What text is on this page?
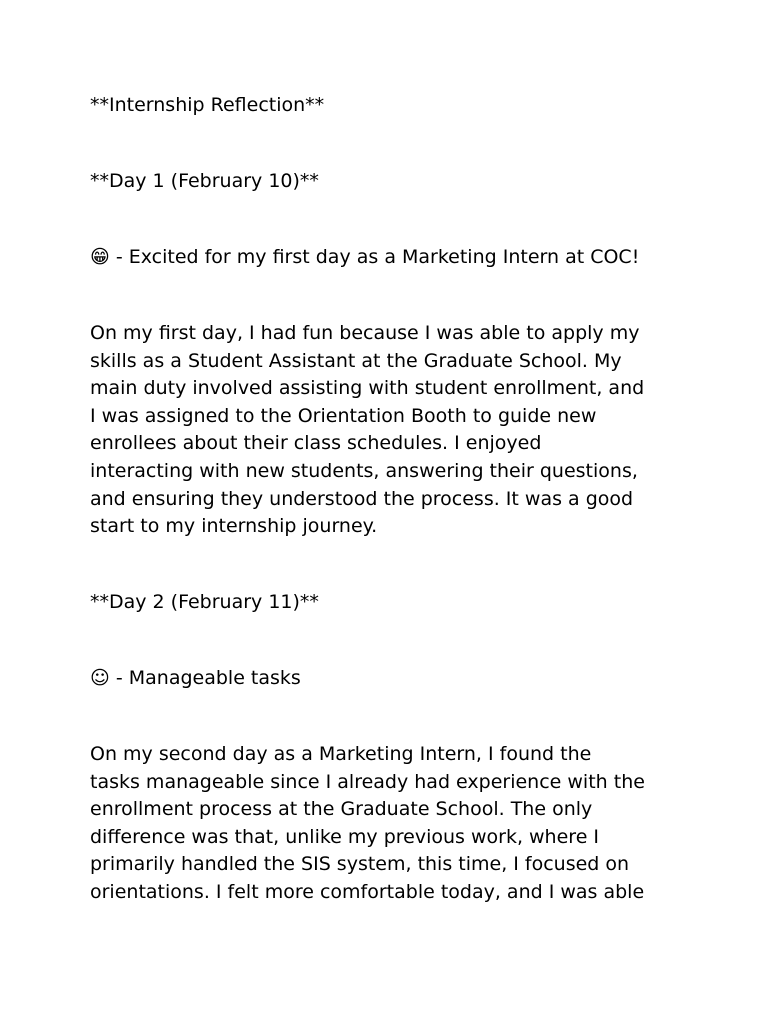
**Internship Reflection**

**Day 1 (February 10)**

😁 - Excited for my first day as a Marketing Intern at COC!

On my first day, I had fun because I was able to apply my
skills as a Student Assistant at the Graduate School. My
main duty involved assisting with student enrollment, and
I was assigned to the Orientation Booth to guide new
enrollees about their class schedules. I enjoyed
interacting with new students, answering their questions,
and ensuring they understood the process. It was a good
start to my internship journey.

**Day 2 (February 11)**

☺ - Manageable tasks

On my second day as a Marketing Intern, I found the
tasks manageable since I already had experience with the
enrollment process at the Graduate School. The only
difference was that, unlike my previous work, where I
primarily handled the SIS system, this time, I focused on
orientations. I felt more comfortable today, and I was able
